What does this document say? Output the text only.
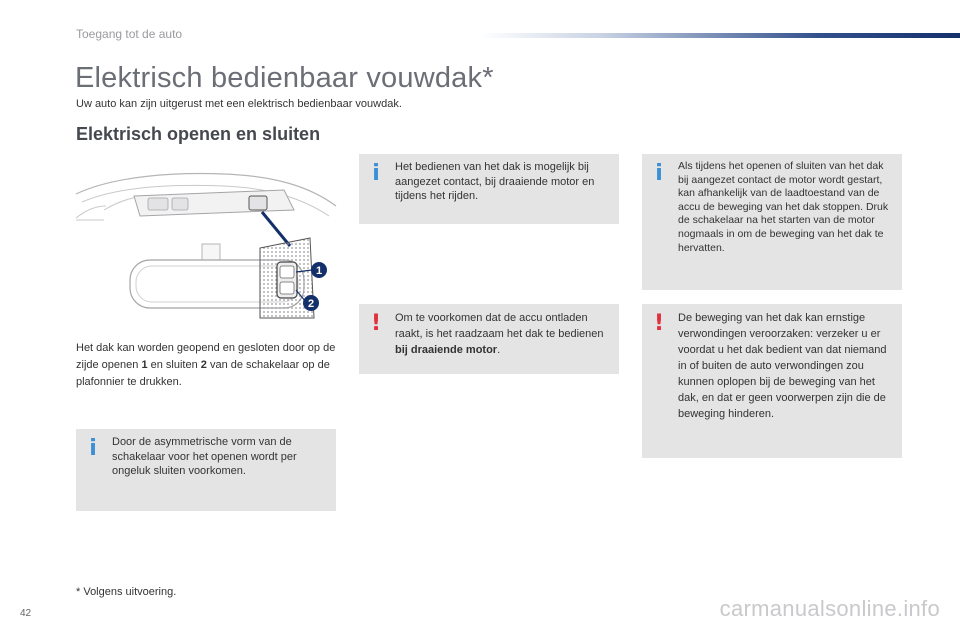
Toegang tot de auto
Elektrisch bedienbaar vouwdak*
Uw auto kan zijn uitgerust met een elektrisch bedienbaar vouwdak.
Elektrisch openen en sluiten
1
2
Het dak kan worden geopend en gesloten door op de zijde openen 1 en sluiten 2 van de schakelaar op de plafonnier te drukken.
i Door de asymmetrische vorm van de schakelaar voor het openen wordt per ongeluk sluiten voorkomen.
i Het bedienen van het dak is mogelijk bij aangezet contact, bij draaiende motor en tijdens het rijden.
! Om te voorkomen dat de accu ontladen raakt, is het raadzaam het dak te bedienen bij draaiende motor.
i	Als tijdens het openen of sluiten van het dak bij aangezet contact de motor wordt gestart, kan afhankelijk van de laadtoestand van de accu de beweging van het dak stoppen. Druk de schakelaar na het starten van de motor nogmaals in om de beweging van het dak te hervatten.
! De beweging van het dak kan ernstige verwondingen veroorzaken: verzeker u er voordat u het dak bedient van dat niemand in of buiten de auto verwondingen zou kunnen oplopen bij de beweging van het dak, en dat er geen voorwerpen zijn die de beweging hinderen.
* Volgens uitvoering.
42	carmanualsonline.info
